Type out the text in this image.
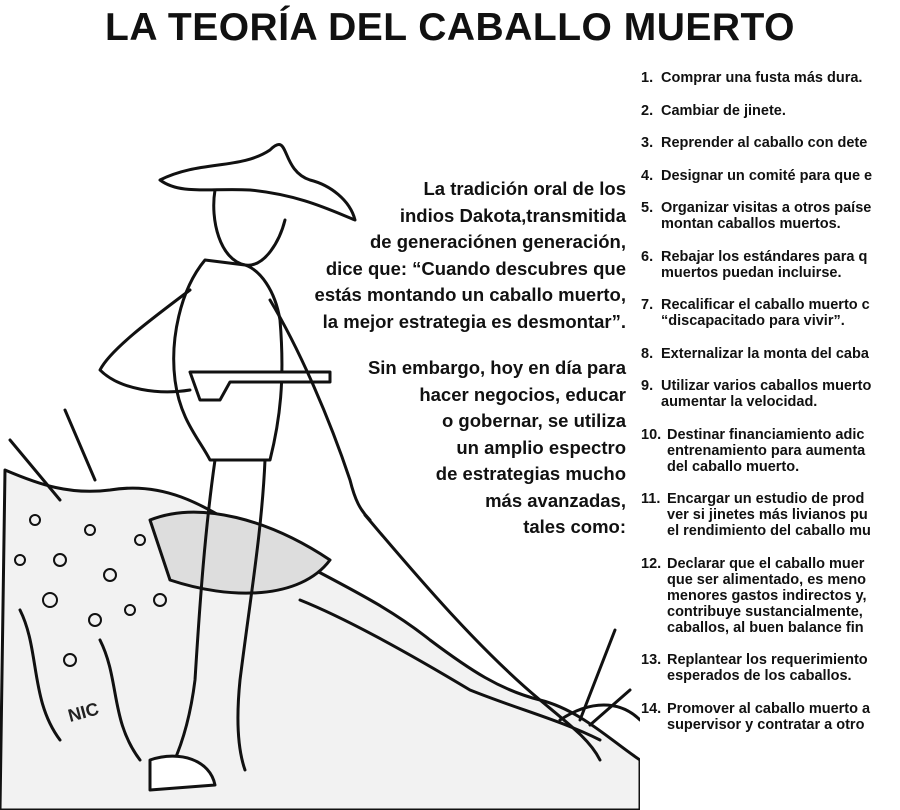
LA TEORÍA DEL CABALLO MUERTO
NIC

La tradición oral de los
indios Dakota,transmitida
de generaciónen generación,
dice que: “Cuando descubres que
estás montando un caballo muerto,
la mejor estrategia es desmontar”.

Sin embargo, hoy en día para
hacer negocios, educar
o gobernar, se utiliza
un amplio espectro
de estrategias mucho
más avanzadas,
tales como:

1. Comprar una fusta más dura.
2. Cambiar de jinete.
3. Reprender al caballo con dete
4. Designar un comité para que e
5. Organizar visitas a otros paíse
montan caballos muertos.
6. Rebajar los estándares para q
muertos puedan incluirse.
7. Recalificar el caballo muerto c
“discapacitado para vivir”.
8. Externalizar la monta del caba
9. Utilizar varios caballos muerto
aumentar la velocidad.
10. Destinar financiamiento adic
entrenamiento para aumenta
del caballo muerto.
11. Encargar un estudio de prod
ver si jinetes más livianos pu
el rendimiento del caballo mu
12. Declarar que el caballo muer
que ser alimentado, es meno
menores gastos indirectos y,
contribuye sustancialmente,
caballos, al buen balance fin
13. Replantear los requerimiento
esperados de los caballos.
14. Promover al caballo muerto a
supervisor y contratar a otro
